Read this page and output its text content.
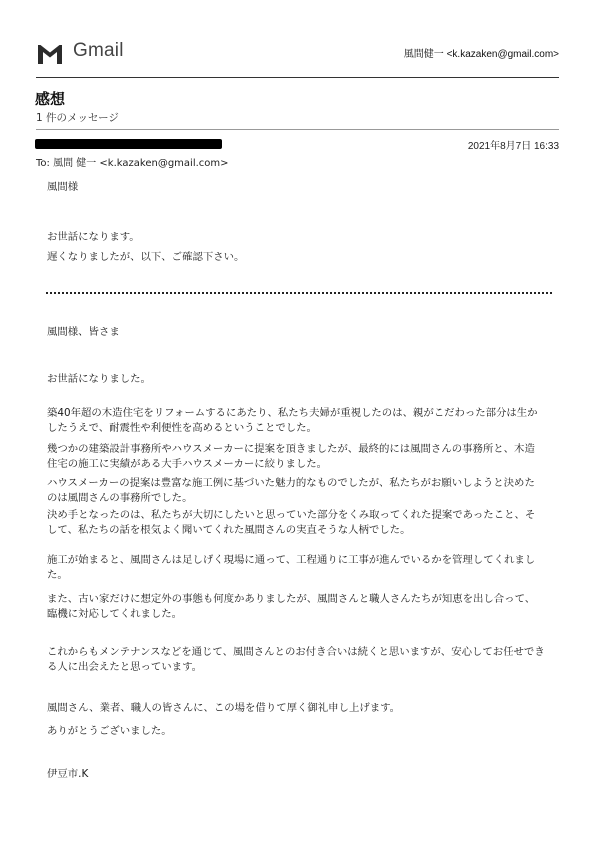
Gmail	風間健一 <k.kazaken@gmail.com>
感想
1 件のメッセージ
2021年8月7日 16:33
To: 風間 健一 <k.kazaken@gmail.com>
風間様
お世話になります。
遅くなりましたが、以下、ご確認下さい。
風間様、皆さま
お世話になりました。
築40年超の木造住宅をリフォームするにあたり、私たち夫婦が重視したのは、親がこだわった部分は生か
したうえで、耐震性や利便性を高めるということでした。
幾つかの建築設計事務所やハウスメーカーに提案を頂きましたが、最終的には風間さんの事務所と、木造
住宅の施工に実績がある大手ハウスメーカーに絞りました。
ハウスメーカーの提案は豊富な施工例に基づいた魅力的なものでしたが、私たちがお願いしようと決めた
のは風間さんの事務所でした。
決め手となったのは、私たちが大切にしたいと思っていた部分をくみ取ってくれた提案であったこと、そ
して、私たちの話を根気よく聞いてくれた風間さんの実直そうな人柄でした。
施工が始まると、風間さんは足しげく現場に通って、工程通りに工事が進んでいるかを管理してくれまし
た。
また、古い家だけに想定外の事態も何度かありましたが、風間さんと職人さんたちが知恵を出し合って、
臨機に対応してくれました。
これからもメンテナンスなどを通じて、風間さんとのお付き合いは続くと思いますが、安心してお任せでき
る人に出会えたと思っています。
風間さん、業者、職人の皆さんに、この場を借りて厚く御礼申し上げます。
ありがとうございました。
伊豆市.K
